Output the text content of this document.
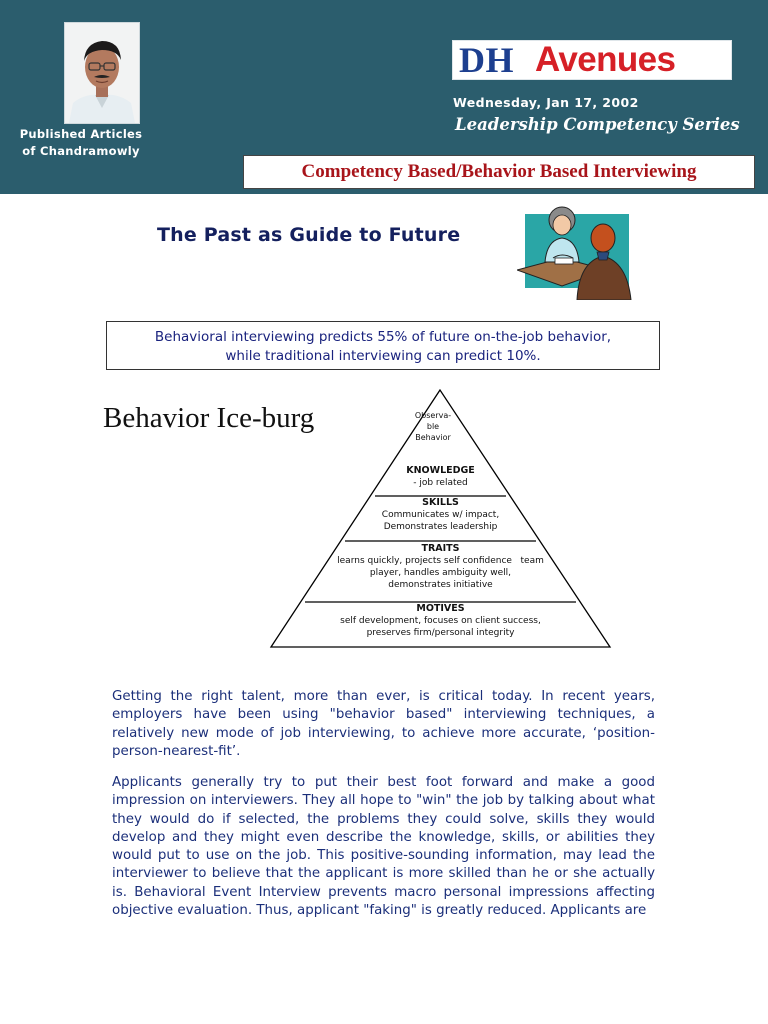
Published Articles
of Chandramowly
DH Avenues
Wednesday, Jan 17, 2002
Leadership Competency Series
Competency Based/Behavior Based Interviewing
The Past as Guide to Future
Behavioral interviewing predicts 55% of future on-the-job behavior,
while traditional interviewing can predict 10%.
Behavior Ice-burg	Observa-
ble
Behavior
KNOWLEDGE
- job related
SKILLS
Communicates w/ impact,
Demonstrates leadership
TRAITS
learns quickly, projects self confidence   team
player, handles ambiguity well,
demonstrates initiative
MOTIVES
self development, focuses on client success,
preserves firm/personal integrity
Getting the right talent, more than ever, is critical today. In recent years, employers have been using "behavior based" interviewing techniques, a relatively new mode of job interviewing, to achieve more accurate, ‘position-person-nearest-fit’.
Applicants generally try to put their best foot forward and make a good impression on interviewers. They all hope to "win" the job by talking about what they would do if selected, the problems they could solve, skills they would develop and they might even describe the knowledge, skills, or abilities they would put to use on the job. This positive-sounding information, may lead the interviewer to believe that the applicant is more skilled than he or she actually is. Behavioral Event Interview prevents macro personal impressions affecting objective evaluation. Thus, applicant "faking" is greatly reduced. Applicants are
